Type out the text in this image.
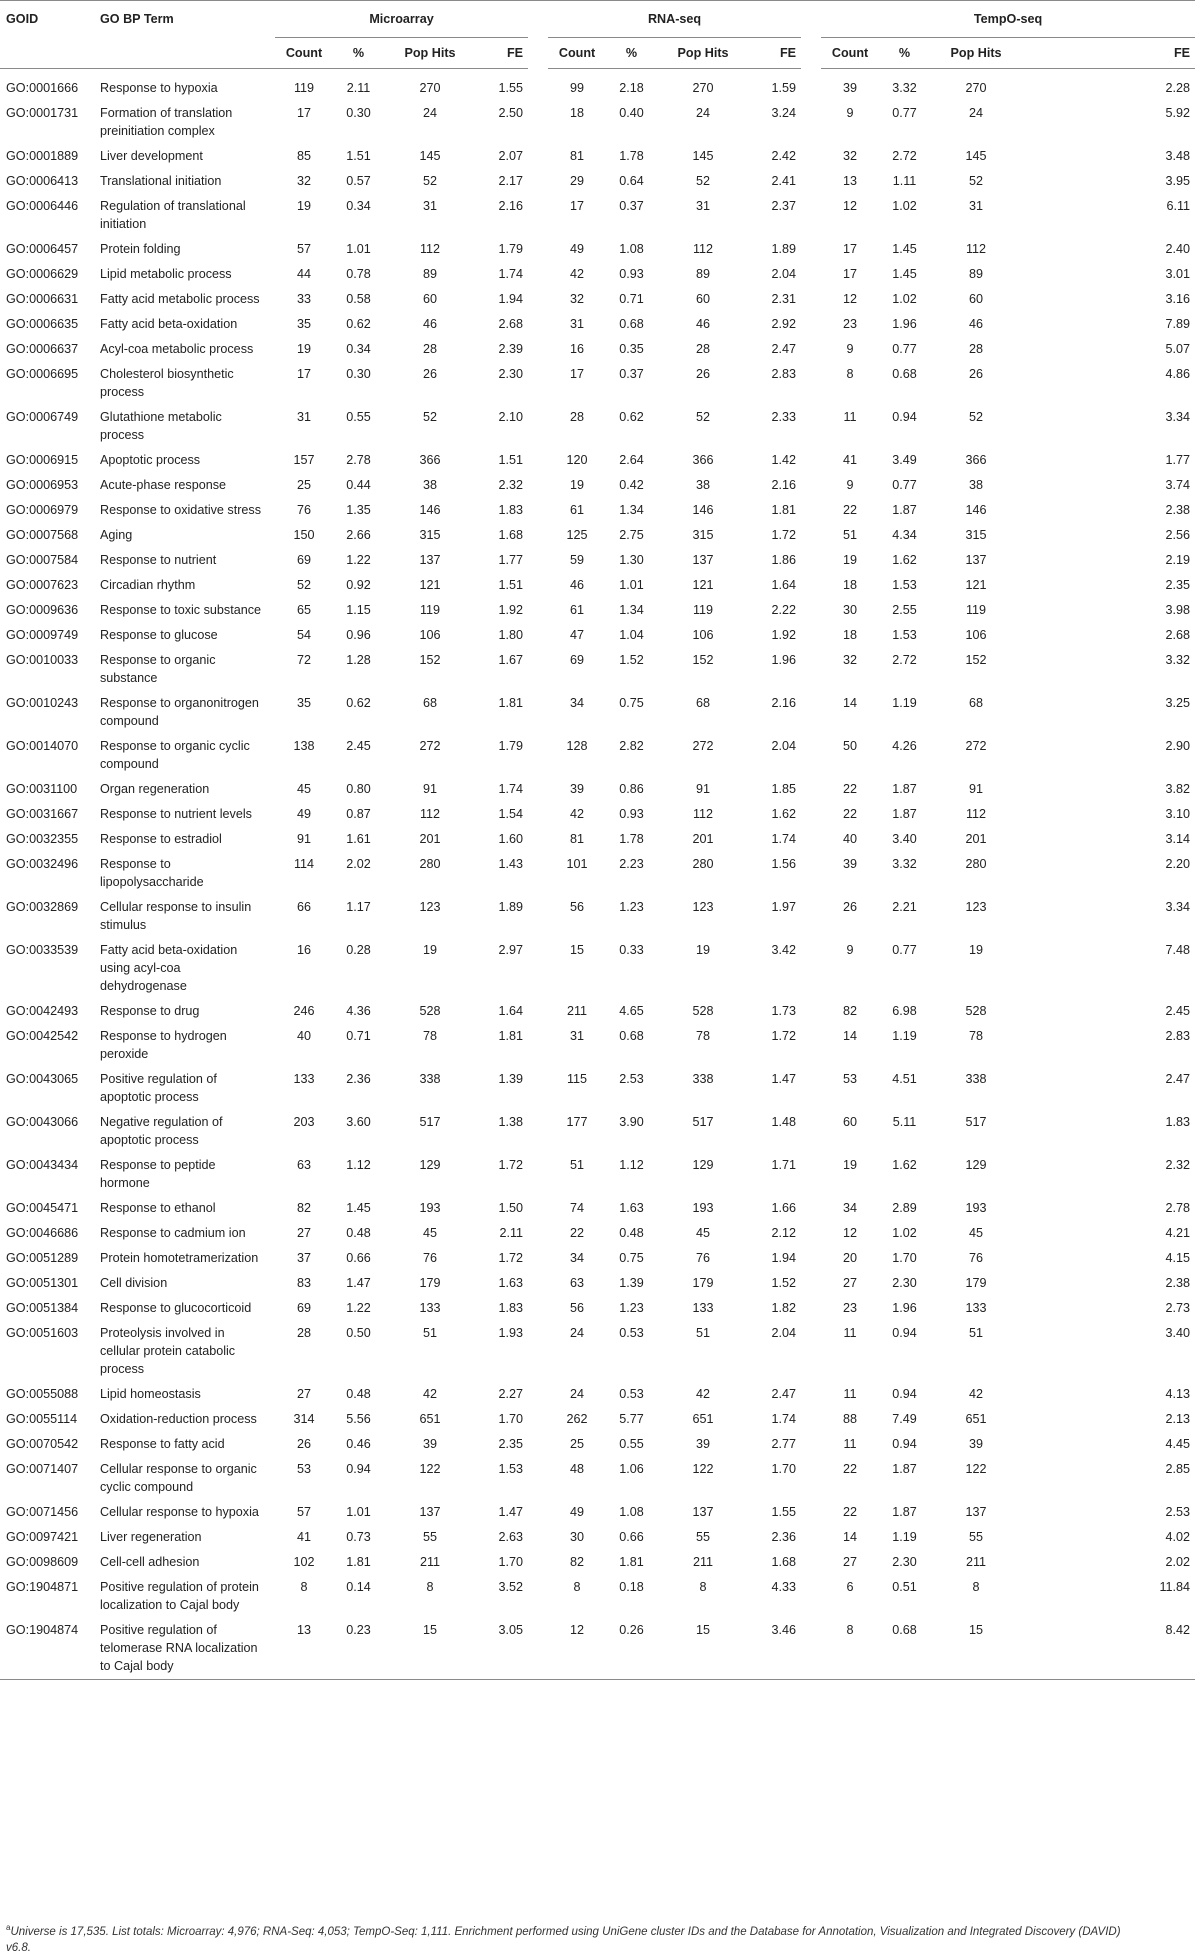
GOID	GO BP Term	Microarray					RNA-seq					TempO-seq			
		Count	%	Pop Hits	FE		Count	%	Pop Hits	FE		Count	%	Pop Hits	FE
GO:0001666	Response to hypoxia	119	2.11	270	1.55		99	2.18	270	1.59		39	3.32	270	2.28
GO:0001731	Formation of translation preinitiation complex	17	0.30	24	2.50		18	0.40	24	3.24		9	0.77	24	5.92
GO:0001889	Liver development	85	1.51	145	2.07		81	1.78	145	2.42		32	2.72	145	3.48
GO:0006413	Translational initiation	32	0.57	52	2.17		29	0.64	52	2.41		13	1.11	52	3.95
GO:0006446	Regulation of translational initiation	19	0.34	31	2.16		17	0.37	31	2.37		12	1.02	31	6.11
GO:0006457	Protein folding	57	1.01	112	1.79		49	1.08	112	1.89		17	1.45	112	2.40
GO:0006629	Lipid metabolic process	44	0.78	89	1.74		42	0.93	89	2.04		17	1.45	89	3.01
GO:0006631	Fatty acid metabolic process	33	0.58	60	1.94		32	0.71	60	2.31		12	1.02	60	3.16
GO:0006635	Fatty acid beta-oxidation	35	0.62	46	2.68		31	0.68	46	2.92		23	1.96	46	7.89
GO:0006637	Acyl-coa metabolic process	19	0.34	28	2.39		16	0.35	28	2.47		9	0.77	28	5.07
GO:0006695	Cholesterol biosynthetic process	17	0.30	26	2.30		17	0.37	26	2.83		8	0.68	26	4.86
GO:0006749	Glutathione metabolic process	31	0.55	52	2.10		28	0.62	52	2.33		11	0.94	52	3.34
GO:0006915	Apoptotic process	157	2.78	366	1.51		120	2.64	366	1.42		41	3.49	366	1.77
GO:0006953	Acute-phase response	25	0.44	38	2.32		19	0.42	38	2.16		9	0.77	38	3.74
GO:0006979	Response to oxidative stress	76	1.35	146	1.83		61	1.34	146	1.81		22	1.87	146	2.38
GO:0007568	Aging	150	2.66	315	1.68		125	2.75	315	1.72		51	4.34	315	2.56
GO:0007584	Response to nutrient	69	1.22	137	1.77		59	1.30	137	1.86		19	1.62	137	2.19
GO:0007623	Circadian rhythm	52	0.92	121	1.51		46	1.01	121	1.64		18	1.53	121	2.35
GO:0009636	Response to toxic substance	65	1.15	119	1.92		61	1.34	119	2.22		30	2.55	119	3.98
GO:0009749	Response to glucose	54	0.96	106	1.80		47	1.04	106	1.92		18	1.53	106	2.68
GO:0010033	Response to organic substance	72	1.28	152	1.67		69	1.52	152	1.96		32	2.72	152	3.32
GO:0010243	Response to organonitrogen compound	35	0.62	68	1.81		34	0.75	68	2.16		14	1.19	68	3.25
GO:0014070	Response to organic cyclic compound	138	2.45	272	1.79		128	2.82	272	2.04		50	4.26	272	2.90
GO:0031100	Organ regeneration	45	0.80	91	1.74		39	0.86	91	1.85		22	1.87	91	3.82
GO:0031667	Response to nutrient levels	49	0.87	112	1.54		42	0.93	112	1.62		22	1.87	112	3.10
GO:0032355	Response to estradiol	91	1.61	201	1.60		81	1.78	201	1.74		40	3.40	201	3.14
GO:0032496	Response to lipopolysaccharide	114	2.02	280	1.43		101	2.23	280	1.56		39	3.32	280	2.20
GO:0032869	Cellular response to insulin stimulus	66	1.17	123	1.89		56	1.23	123	1.97		26	2.21	123	3.34
GO:0033539	Fatty acid beta-oxidation using acyl-coa dehydrogenase	16	0.28	19	2.97		15	0.33	19	3.42		9	0.77	19	7.48
GO:0042493	Response to drug	246	4.36	528	1.64		211	4.65	528	1.73		82	6.98	528	2.45
GO:0042542	Response to hydrogen peroxide	40	0.71	78	1.81		31	0.68	78	1.72		14	1.19	78	2.83
GO:0043065	Positive regulation of apoptotic process	133	2.36	338	1.39		115	2.53	338	1.47		53	4.51	338	2.47
GO:0043066	Negative regulation of apoptotic process	203	3.60	517	1.38		177	3.90	517	1.48		60	5.11	517	1.83
GO:0043434	Response to peptide hormone	63	1.12	129	1.72		51	1.12	129	1.71		19	1.62	129	2.32
GO:0045471	Response to ethanol	82	1.45	193	1.50		74	1.63	193	1.66		34	2.89	193	2.78
GO:0046686	Response to cadmium ion	27	0.48	45	2.11		22	0.48	45	2.12		12	1.02	45	4.21
GO:0051289	Protein homotetramerization	37	0.66	76	1.72		34	0.75	76	1.94		20	1.70	76	4.15
GO:0051301	Cell division	83	1.47	179	1.63		63	1.39	179	1.52		27	2.30	179	2.38
GO:0051384	Response to glucocorticoid	69	1.22	133	1.83		56	1.23	133	1.82		23	1.96	133	2.73
GO:0051603	Proteolysis involved in cellular protein catabolic process	28	0.50	51	1.93		24	0.53	51	2.04		11	0.94	51	3.40
GO:0055088	Lipid homeostasis	27	0.48	42	2.27		24	0.53	42	2.47		11	0.94	42	4.13
GO:0055114	Oxidation-reduction process	314	5.56	651	1.70		262	5.77	651	1.74		88	7.49	651	2.13
GO:0070542	Response to fatty acid	26	0.46	39	2.35		25	0.55	39	2.77		11	0.94	39	4.45
GO:0071407	Cellular response to organic cyclic compound	53	0.94	122	1.53		48	1.06	122	1.70		22	1.87	122	2.85
GO:0071456	Cellular response to hypoxia	57	1.01	137	1.47		49	1.08	137	1.55		22	1.87	137	2.53
GO:0097421	Liver regeneration	41	0.73	55	2.63		30	0.66	55	2.36		14	1.19	55	4.02
GO:0098609	Cell-cell adhesion	102	1.81	211	1.70		82	1.81	211	1.68		27	2.30	211	2.02
GO:1904871	Positive regulation of protein localization to Cajal body	8	0.14	8	3.52		8	0.18	8	4.33		6	0.51	8	11.84
GO:1904874	Positive regulation of telomerase RNA localization to Cajal body	13	0.23	15	3.05		12	0.26	15	3.46		8	0.68	15	8.42
$^a$Universe is 17,535. List totals: Microarray: 4,976; RNA-Seq: 4,053; TempO-Seq: 1,111. Enrichment performed using UniGene cluster IDs and the Database for Annotation, Visualization and Integrated Discovery (DAVID) v6.8.
